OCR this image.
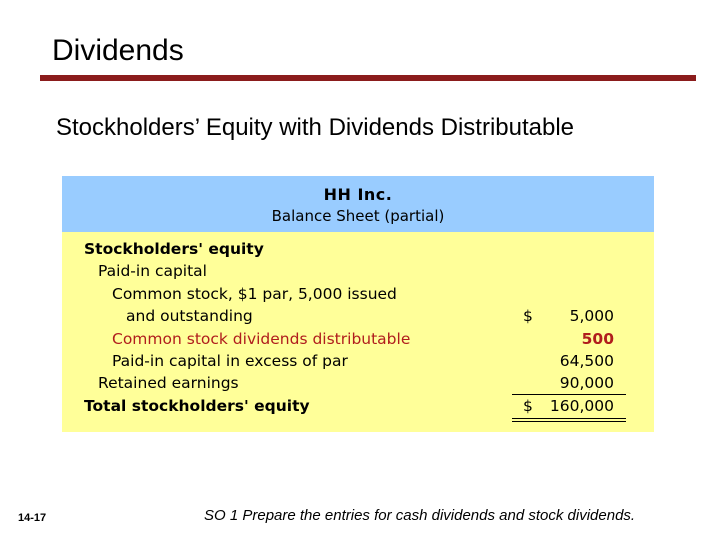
Dividends
Stockholders’ Equity with Dividends Distributable
HH Inc.
Balance Sheet (partial)
Stockholders' equity
Paid-in capital
Common stock, $1 par, 5,000 issued
and outstanding	$	5,000
Common stock dividends distributable	500
Paid-in capital in excess of par	64,500
Retained earnings	90,000
Total stockholders' equity	$	160,000
14-17	SO 1 Prepare the entries for cash dividends and stock dividends.
